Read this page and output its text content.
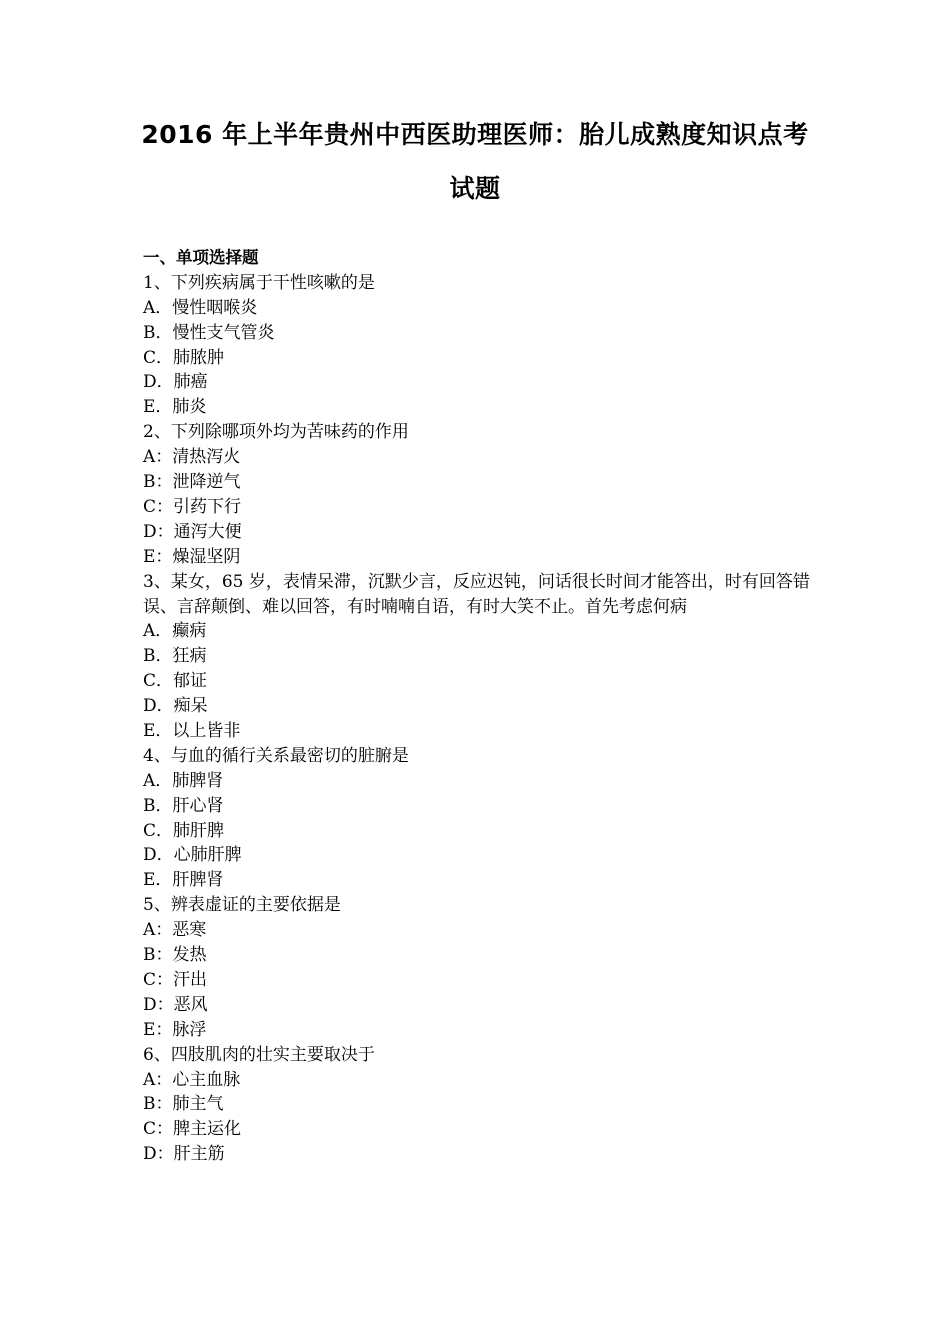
2016 年上半年贵州中西医助理医师：胎儿成熟度知识点考
试题
一、单项选择题
1、下列疾病属于干性咳嗽的是
A．慢性咽喉炎
B．慢性支气管炎
C．肺脓肿
D．肺癌
E．肺炎
2、下列除哪项外均为苦味药的作用
A：清热泻火
B：泄降逆气
C：引药下行
D：通泻大便
E：燥湿坚阴
3、某女，65 岁，表情呆滞，沉默少言，反应迟钝，问话很长时间才能答出，时有回答错误、言辞颠倒、难以回答，有时喃喃自语，有时大笑不止。首先考虑何病
A．癫病
B．狂病
C．郁证
D．痴呆
E．以上皆非
4、与血的循行关系最密切的脏腑是
A．肺脾肾
B．肝心肾
C．肺肝脾
D．心肺肝脾
E．肝脾肾
5、辨表虚证的主要依据是
A：恶寒
B：发热
C：汗出
D：恶风
E：脉浮
6、四肢肌肉的壮实主要取决于
A：心主血脉
B：肺主气
C：脾主运化
D：肝主筋
